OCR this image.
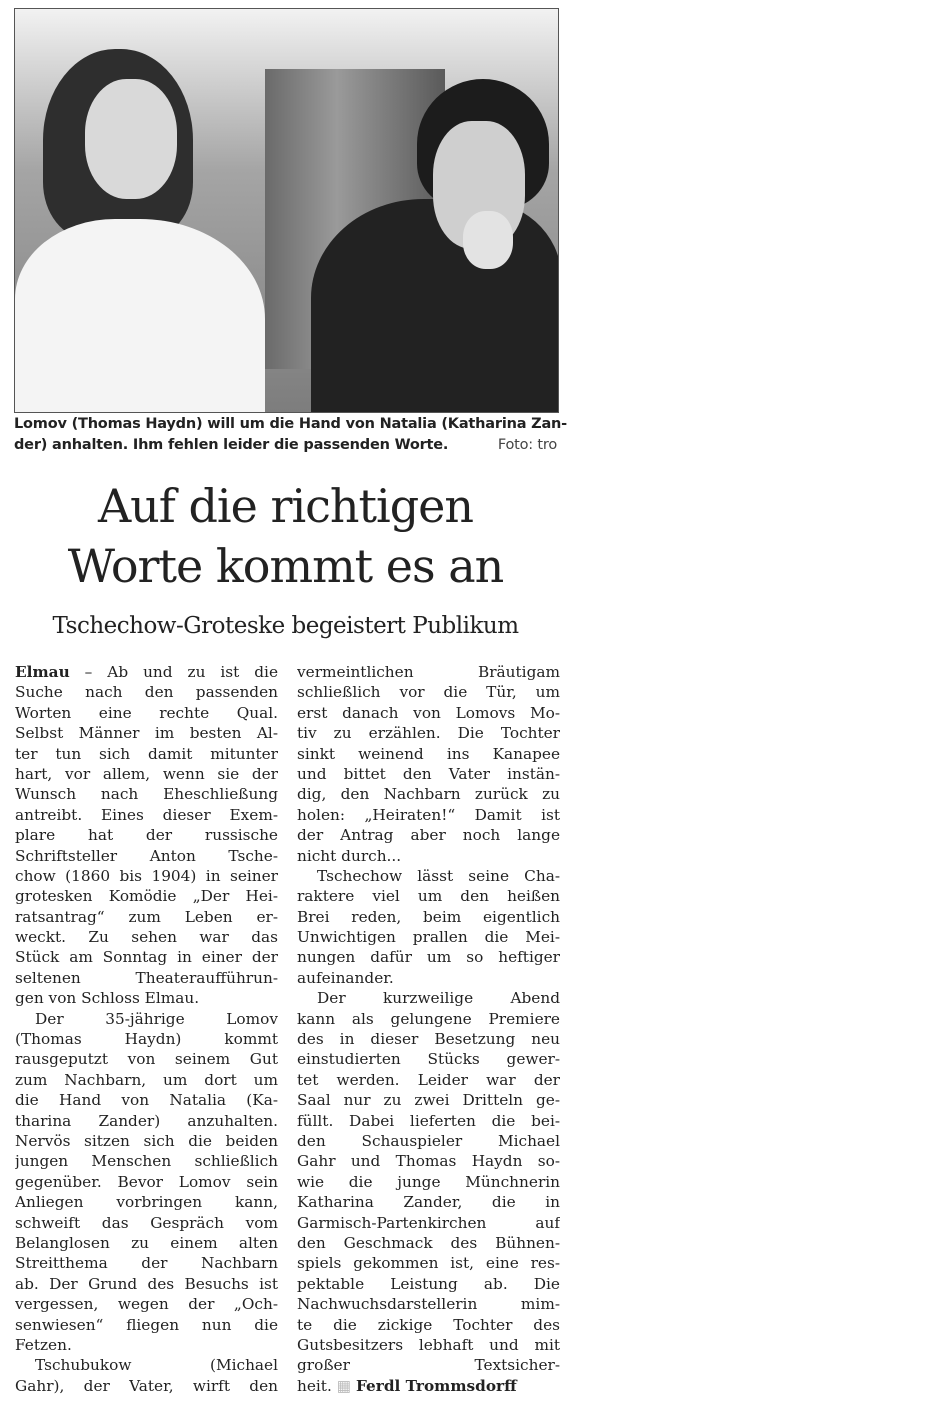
Lomov (Thomas Haydn) will um die Hand von Natalia (Katharina Zan-
der) anhalten. Ihm fehlen leider die passenden Worte.	Foto: tro
Auf die richtigen
Worte kommt es an
Tschechow-Groteske begeistert Publikum
Elmau – Ab und zu ist die
Suche nach den passenden
Worten eine rechte Qual.
Selbst Männer im besten Al-
ter tun sich damit mitunter
hart, vor allem, wenn sie der
Wunsch nach Eheschließung
antreibt. Eines dieser Exem-
plare hat der russische
Schriftsteller Anton Tsche-
chow (1860 bis 1904) in seiner
grotesken Komödie „Der Hei-
ratsantrag“ zum Leben er-
weckt. Zu sehen war das
Stück am Sonntag in einer der
seltenen Theateraufführun-
gen von Schloss Elmau.
Der 35-jährige Lomov
(Thomas Haydn) kommt
rausgeputzt von seinem Gut
zum Nachbarn, um dort um
die Hand von Natalia (Ka-
tharina Zander) anzuhalten.
Nervös sitzen sich die beiden
jungen Menschen schließlich
gegenüber. Bevor Lomov sein
Anliegen vorbringen kann,
schweift das Gespräch vom
Belanglosen zu einem alten
Streitthema der Nachbarn
ab. Der Grund des Besuchs ist
vergessen, wegen der „Och-
senwiesen“ fliegen nun die
Fetzen.
Tschubukow (Michael
Gahr), der Vater, wirft den
vermeintlichen Bräutigam
schließlich vor die Tür, um
erst danach von Lomovs Mo-
tiv zu erzählen. Die Tochter
sinkt weinend ins Kanapee
und bittet den Vater instän-
dig, den Nachbarn zurück zu
holen: „Heiraten!“ Damit ist
der Antrag aber noch lange
nicht durch...
Tschechow lässt seine Cha-
raktere viel um den heißen
Brei reden, beim eigentlich
Unwichtigen prallen die Mei-
nungen dafür um so heftiger
aufeinander.
Der kurzweilige Abend
kann als gelungene Premiere
des in dieser Besetzung neu
einstudierten Stücks gewer-
tet werden. Leider war der
Saal nur zu zwei Dritteln ge-
füllt. Dabei lieferten die bei-
den Schauspieler Michael
Gahr und Thomas Haydn so-
wie die junge Münchnerin
Katharina Zander, die in
Garmisch-Partenkirchen auf
den Geschmack des Bühnen-
spiels gekommen ist, eine res-
pektable Leistung ab. Die
Nachwuchsdarstellerin mim-
te die zickige Tochter des
Gutsbesitzers lebhaft und mit
großer Textsicher-
heit. ▦ Ferdl Trommsdorff
